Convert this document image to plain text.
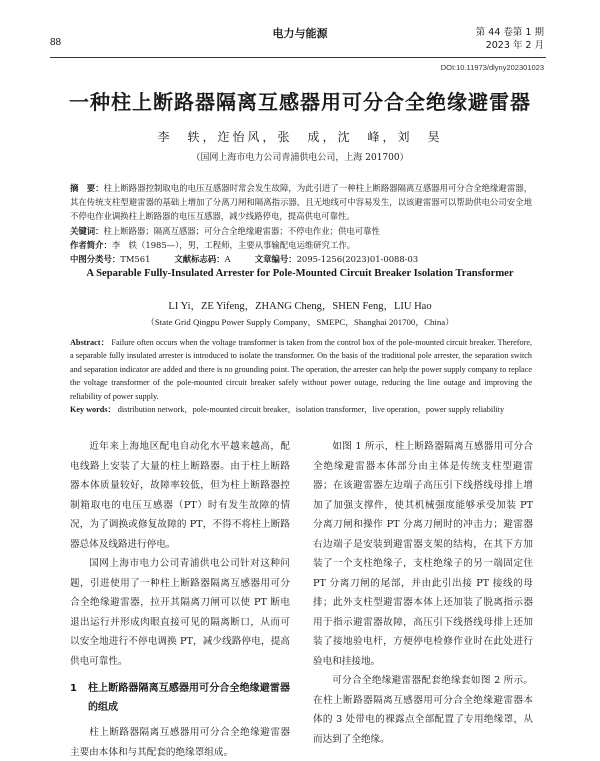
88
电力与能源	第 44 卷第 1 期
2023 年 2 月
DOI:10.11973/dlyny202301023
一种柱上断路器隔离互感器用可分合全绝缘避雷器
李　轶，迮怡风，张　成，沈　峰，刘　昊
（国网上海市电力公司青浦供电公司，上海 201700）
摘　要：柱上断路器控制取电的电压互感器时常会发生故障，为此引进了一种柱上断路器隔离互感器用可分合全绝缘避雷器，其在传统支柱型避雷器的基础上增加了分离刀闸和隔离指示器，且无地线可中容易发生，以该避雷器可以帮助供电公司安全地不停电作业调换柱上断路器的电压互感器，减少线路停电，提高供电可靠性。
关键词：柱上断路器；隔离互感器；可分合全绝缘避雷器；不停电作业；供电可靠性
作者简介：李　轶（1985—），男，工程师，主要从事输配电运维研究工作。
中图分类号：TM561	文献标志码：A	文章编号：2095-1256(2023)01-0088-03
A Separable Fully-Insulated Arrester for Pole-Mounted Circuit Breaker Isolation Transformer
LI Yi，ZE Yifeng，ZHANG Cheng，SHEN Feng，LIU Hao
（State Grid Qingpu Power Supply Company，SMEPC，Shanghai 201700，China）
Abstract： Failure often occurs when the voltage transformer is taken from the control box of the pole-mounted circuit breaker. Therefore, a separable fully insulated arrester is introduced to isolate the transformer. On the basis of the traditional pole arrester, the separation switch and separation indicator are added and there is no grounding point. The operation, the arrester can help the power supply company to replace the voltage transformer of the pole-mounted circuit breaker safely without power outage, reducing the line outage and improving the reliability of power supply.
Key words： distribution network，pole-mounted circuit breaker，isolation transformer，live operation，power supply reliability

近年来上海地区配电自动化水平越来越高，配电线路上安装了大量的柱上断路器。由于柱上断路器本体质量较好，故障率较低，但为柱上断路器控制箱取电的电压互感器（PT）时有发生故障的情况，为了调换或修复故障的 PT，不得不将柱上断路器总体及线路进行停电。

国网上海市电力公司青浦供电公司针对这种问题，引进使用了一种柱上断路器隔离互感器用可分合全绝缘避雷器，拉开其隔离刀闸可以使 PT 断电退出运行并形成肉眼直接可见的隔离断口，从而可以安全地进行不停电调换 PT，减少线路停电，提高供电可靠性。

1	柱上断路器隔离互感器用可分合全绝缘避雷器的组成

柱上断路器隔离互感器用可分合全绝缘避雷器主要由本体和与其配套的绝缘罩组成。

如图 1 所示，柱上断路器隔离互感器用可分合全绝缘避雷器本体部分由主体是传统支柱型避雷器；在该避雷器左边端子高压引下线搭线母排上增加了加强支撑件，使其机械强度能够承受加装 PT 分离刀闸和操作 PT 分离刀闸时的冲击力；避雷器右边端子是安装到避雷器支架的结构，在其下方加装了一个支柱绝缘子，支柱绝缘子的另一端固定住 PT 分离刀闸的尾部，并由此引出接 PT 接线的母排；此外支柱型避雷器本体上还加装了脱离指示器用于指示避雷器故障，高压引下线搭线母排上还加装了接地验电杆，方便停电检修作业时在此处进行验电和挂接地。

可分合全绝缘避雷器配套绝缘套如图 2 所示。在柱上断路器隔离互感器用可分合全绝缘避雷器本体的 3 处带电的裸露点全部配置了专用绝缘罩，从而达到了全绝缘。
